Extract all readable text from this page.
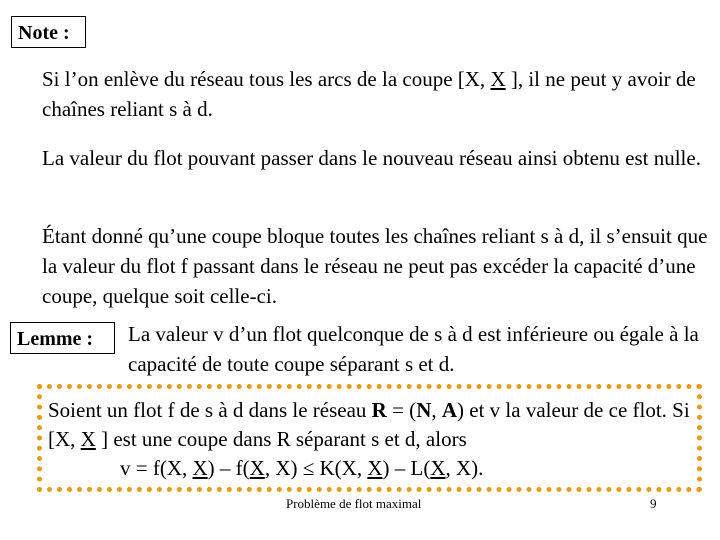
Note :

Si l’on enlève du réseau tous les arcs de la coupe [X, X ], il ne peut y avoir de chaînes reliant s à d.

La valeur du flot pouvant passer dans le nouveau réseau ainsi obtenu est nulle.

Étant donné qu’une coupe bloque toutes les chaînes reliant s à d, il s’ensuit que la valeur du flot f passant dans le réseau ne peut pas excéder la capacité d’une coupe, quelque soit celle-ci.

Lemme :	La valeur v d’un flot quelconque de s à d est inférieure ou égale à la capacité de toute coupe séparant s et d.

Soient un flot f de s à d dans le réseau R = (N, A) et v la valeur de ce flot. Si [X, X ] est une coupe dans R séparant s et d, alors
v = f(X, X) – f(X, X) ≤ K(X, X) – L(X, X).

Problème de flot maximal	9
